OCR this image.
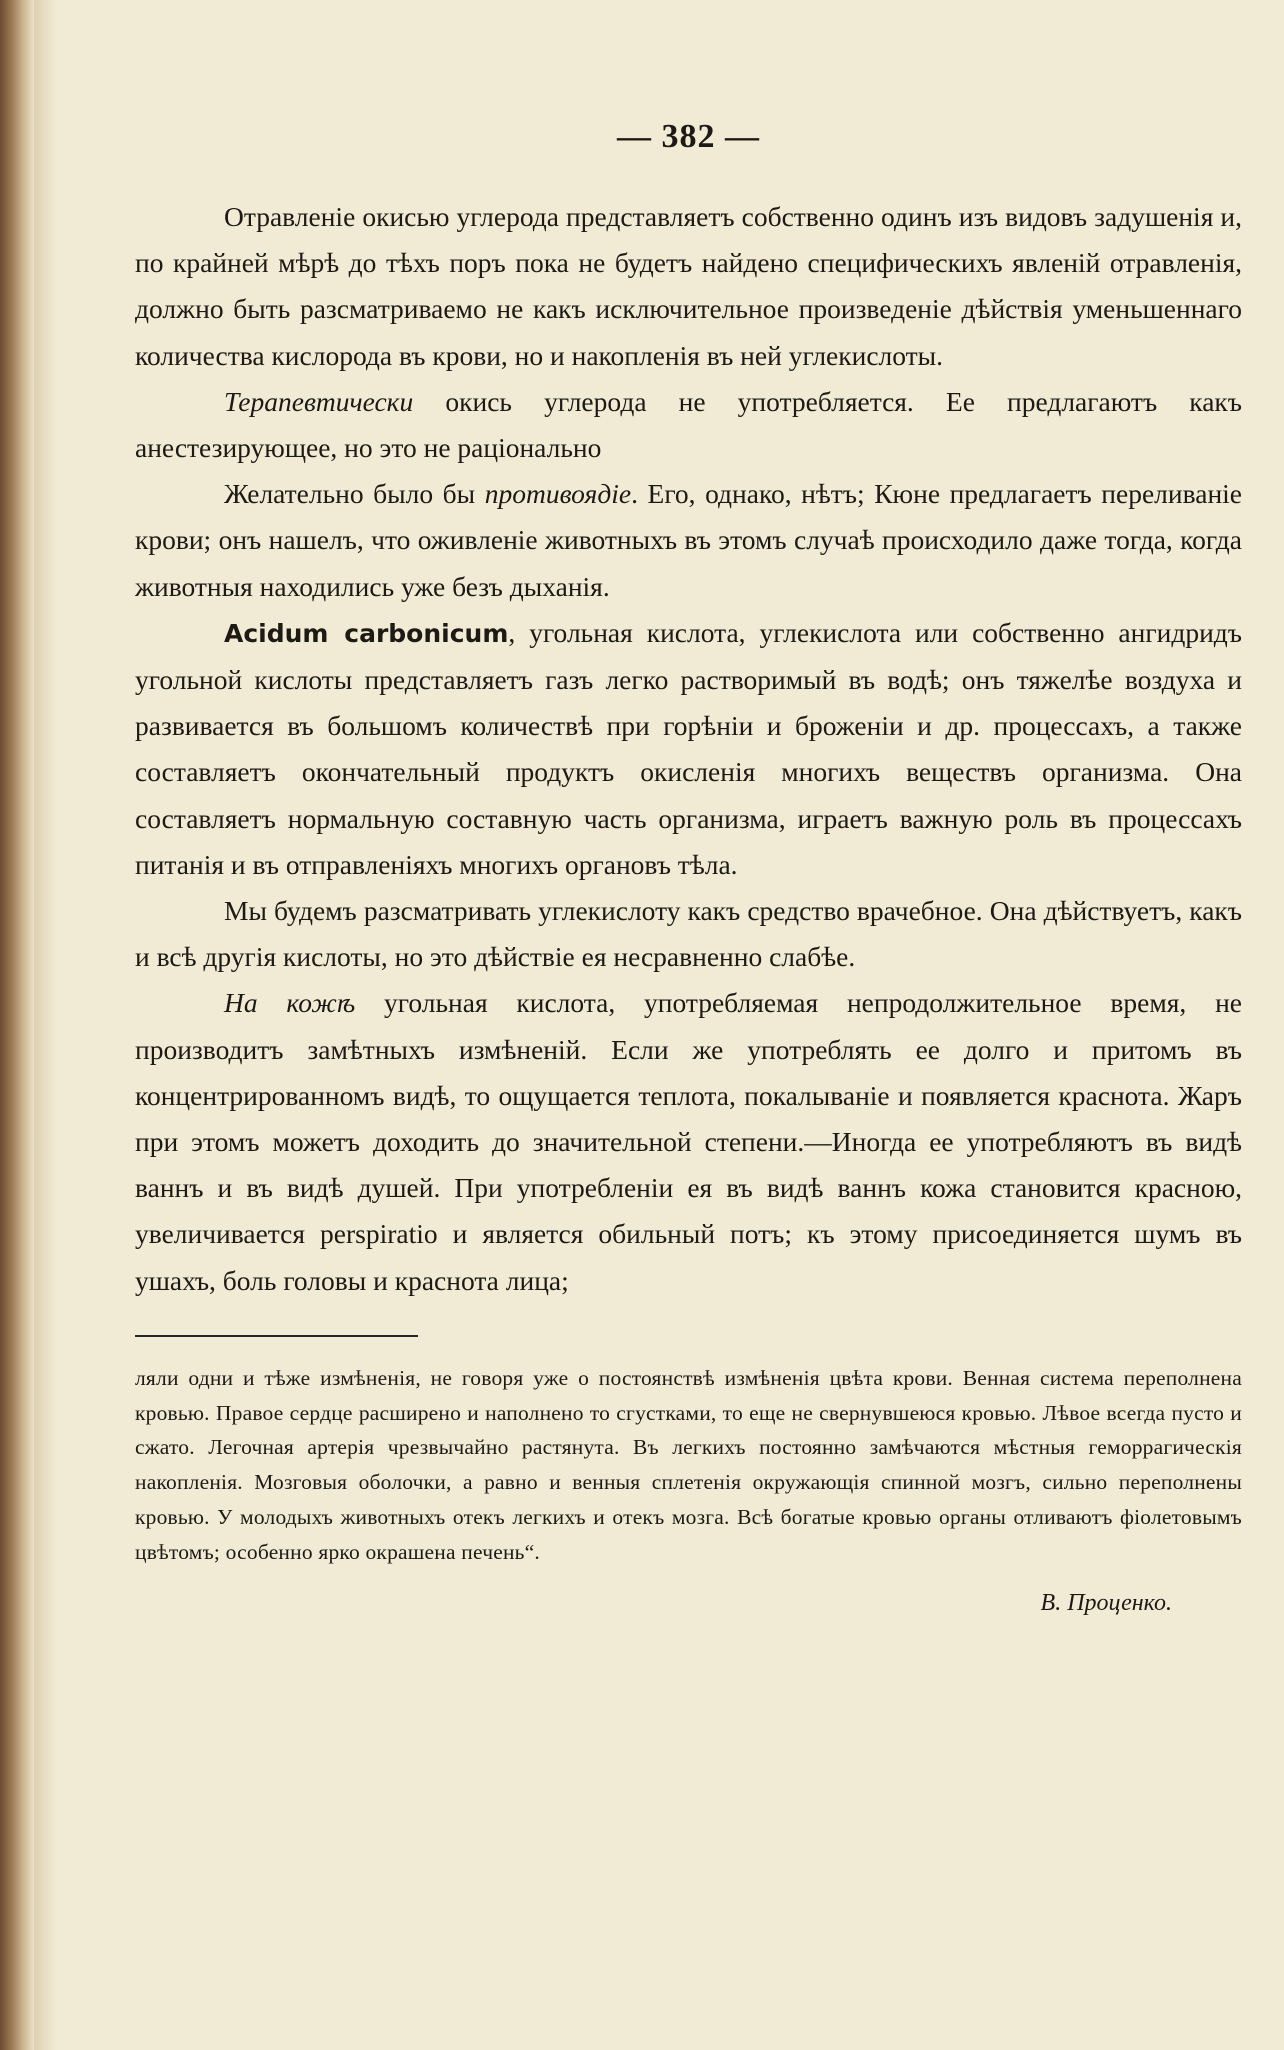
— 382 —

Отравленіе окисью углерода представляетъ собственно одинъ изъ видовъ задушенія и, по крайней мѣрѣ до тѣхъ поръ пока не будетъ найдено специфическихъ явленій отравленія, должно быть разсматриваемо не какъ исключительное произведеніе дѣйствія уменьшеннаго количества кислорода въ крови, но и накопленія въ ней углекислоты.

Терапевтически окись углерода не употребляется. Ее предлагаютъ какъ анестезирующее, но это не раціонально

Желательно было бы противоядіе. Его, однако, нѣтъ; Кюне предлагаетъ переливаніе крови; онъ нашелъ, что оживленіе животныхъ въ этомъ случаѣ происходило даже тогда, когда животныя находились уже безъ дыханія.

Acidum carbonicum, угольная кислота, углекислота или собственно ангидридъ угольной кислоты представляетъ газъ легко растворимый въ водѣ; онъ тяжелѣе воздуха и развивается въ большомъ количествѣ при горѣніи и броженіи и др. процессахъ, а также составляетъ окончательный продуктъ окисленія многихъ веществъ организма. Она составляетъ нормальную составную часть организма, играетъ важную роль въ процессахъ питанія и въ отправленіяхъ многихъ органовъ тѣла.

Мы будемъ разсматривать углекислоту какъ средство врачебное. Она дѣйствуетъ, какъ и всѣ другія кислоты, но это дѣйствіе ея несравненно слабѣе.

На кожѣ угольная кислота, употребляемая непродолжительное время, не производитъ замѣтныхъ измѣненій. Если же употреблять ее долго и притомъ въ концентрированномъ видѣ, то ощущается теплота, покалываніе и появляется краснота. Жаръ при этомъ можетъ доходить до значительной степени.—Иногда ее употребляютъ въ видѣ ваннъ и въ видѣ душей. При употребленіи ея въ видѣ ваннъ кожа становится красною, увеличивается perspiratio и является обильный потъ; къ этому присоединяется шумъ въ ушахъ, боль головы и краснота лица;

ляли одни и тѣже измѣненія, не говоря уже о постоянствѣ измѣненія цвѣта крови. Венная система переполнена кровью. Правое сердце расширено и наполнено то сгустками, то еще не свернувшеюся кровью. Лѣвое всегда пусто и сжато. Легочная артерія чрезвычайно растянута. Въ легкихъ постоянно замѣчаются мѣстныя геморрагическія накопленія. Мозговыя оболочки, а равно и венныя сплетенія окружающія спинной мозгъ, сильно переполнены кровью. У молодыхъ животныхъ отекъ легкихъ и отекъ мозга. Всѣ богатые кровью органы отливаютъ фіолетовымъ цвѣтомъ; особенно ярко окрашена печень“.

В. Проценко.
